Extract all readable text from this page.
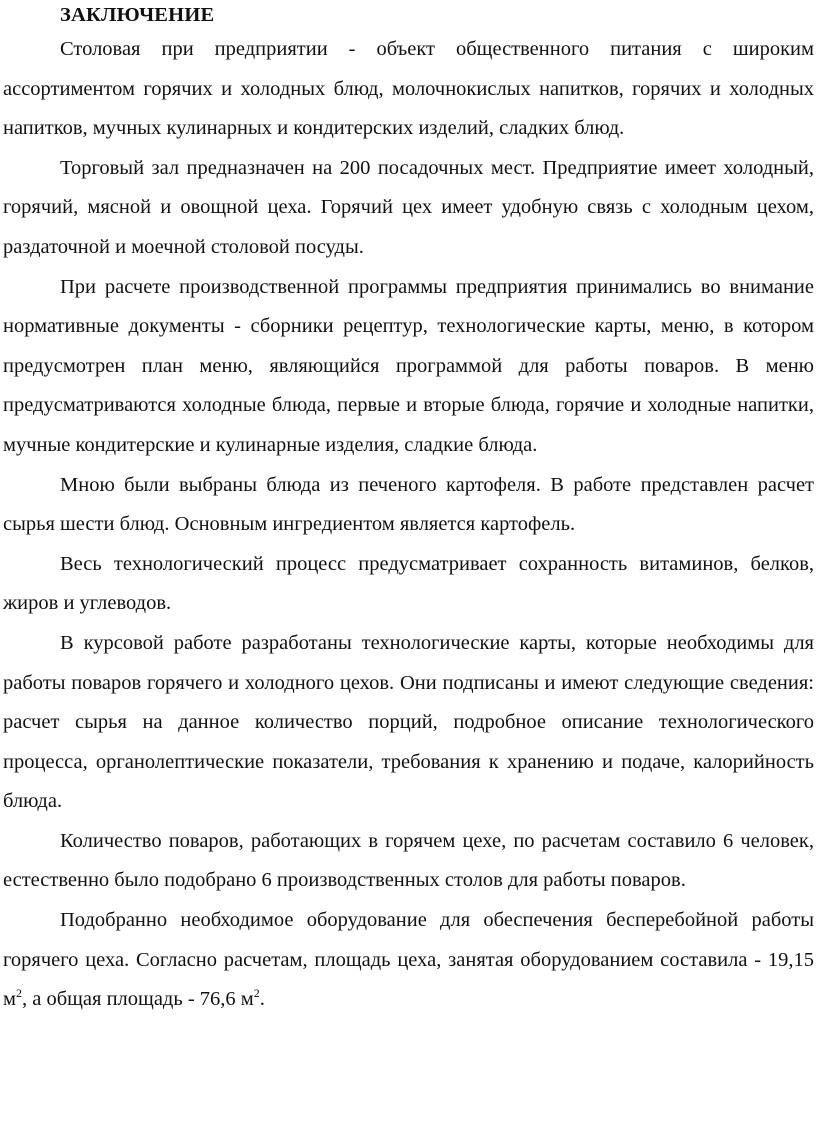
ЗАКЛЮЧЕНИЕ

Столовая при предприятии - объект общественного питания с широким ассортиментом горячих и холодных блюд, молочнокислых напитков, горячих и холодных напитков, мучных кулинарных и кондитерских изделий, сладких блюд.

Торговый зал предназначен на 200 посадочных мест. Предприятие имеет холодный, горячий, мясной и овощной цеха. Горячий цех имеет удобную связь с холодным цехом, раздаточной и моечной столовой посуды.

При расчете производственной программы предприятия принимались во внимание нормативные документы - сборники рецептур, технологические карты, меню, в котором предусмотрен план меню, являющийся программой для работы поваров. В меню предусматриваются холодные блюда, первые и вторые блюда, горячие и холодные напитки, мучные кондитерские и кулинарные изделия, сладкие блюда.

Мною были выбраны блюда из печеного картофеля. В работе представлен расчет сырья шести блюд. Основным ингредиентом является картофель.

Весь технологический процесс предусматривает сохранность витаминов, белков, жиров и углеводов.

В курсовой работе разработаны технологические карты, которые необходимы для работы поваров горячего и холодного цехов. Они подписаны и имеют следующие сведения: расчет сырья на данное количество порций, подробное описание технологического процесса, органолептические показатели, требования к хранению и подаче, калорийность блюда.

Количество поваров, работающих в горячем цехе, по расчетам составило 6 человек, естественно было подобрано 6 производственных столов для работы поваров.

Подобранно необходимое оборудование для обеспечения бесперебойной работы горячего цеха. Согласно расчетам, площадь цеха, занятая оборудованием составила - 19,15 $м^2$, а общая площадь - 76,6 $м^2$.
